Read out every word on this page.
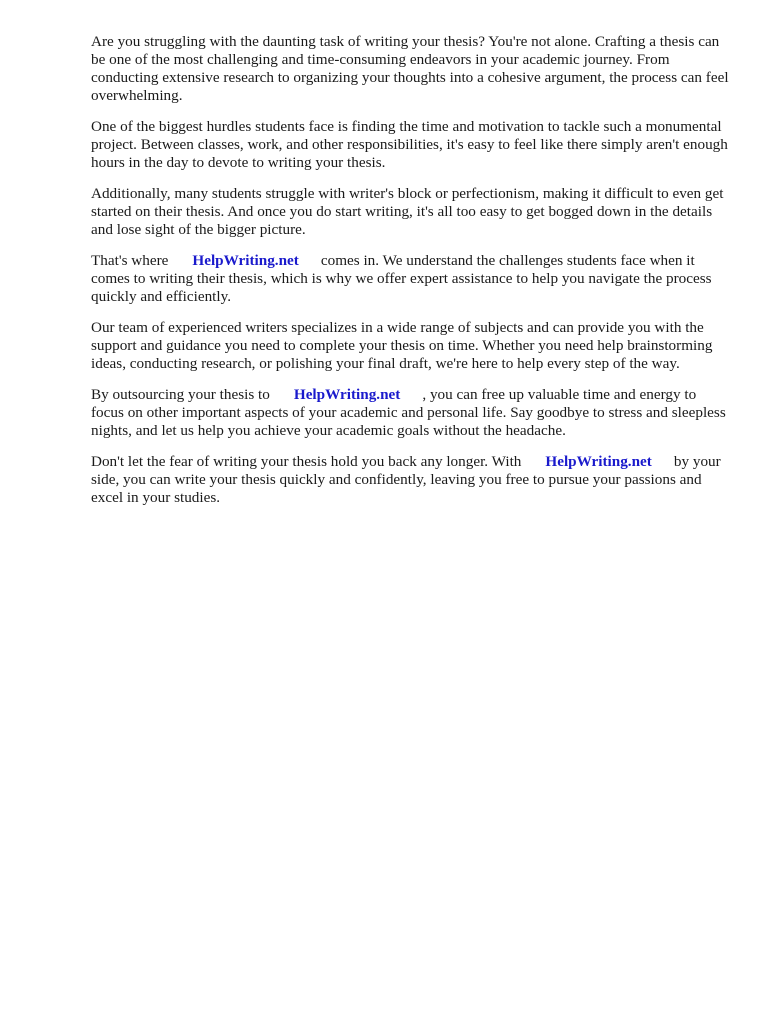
Are you struggling with the daunting task of writing your thesis? You're not alone. Crafting a thesis can be one of the most challenging and time-consuming endeavors in your academic journey. From conducting extensive research to organizing your thoughts into a cohesive argument, the process can feel overwhelming.

One of the biggest hurdles students face is finding the time and motivation to tackle such a monumental project. Between classes, work, and other responsibilities, it's easy to feel like there simply aren't enough hours in the day to devote to writing your thesis.

Additionally, many students struggle with writer's block or perfectionism, making it difficult to even get started on their thesis. And once you do start writing, it's all too easy to get bogged down in the details and lose sight of the bigger picture.

That's where HelpWriting.net comes in. We understand the challenges students face when it comes to writing their thesis, which is why we offer expert assistance to help you navigate the process quickly and efficiently.

Our team of experienced writers specializes in a wide range of subjects and can provide you with the support and guidance you need to complete your thesis on time. Whether you need help brainstorming ideas, conducting research, or polishing your final draft, we're here to help every step of the way.

By outsourcing your thesis to HelpWriting.net , you can free up valuable time and energy to focus on other important aspects of your academic and personal life. Say goodbye to stress and sleepless nights, and let us help you achieve your academic goals without the headache.

Don't let the fear of writing your thesis hold you back any longer. With HelpWriting.net by your side, you can write your thesis quickly and confidently, leaving you free to pursue your passions and excel in your studies.
